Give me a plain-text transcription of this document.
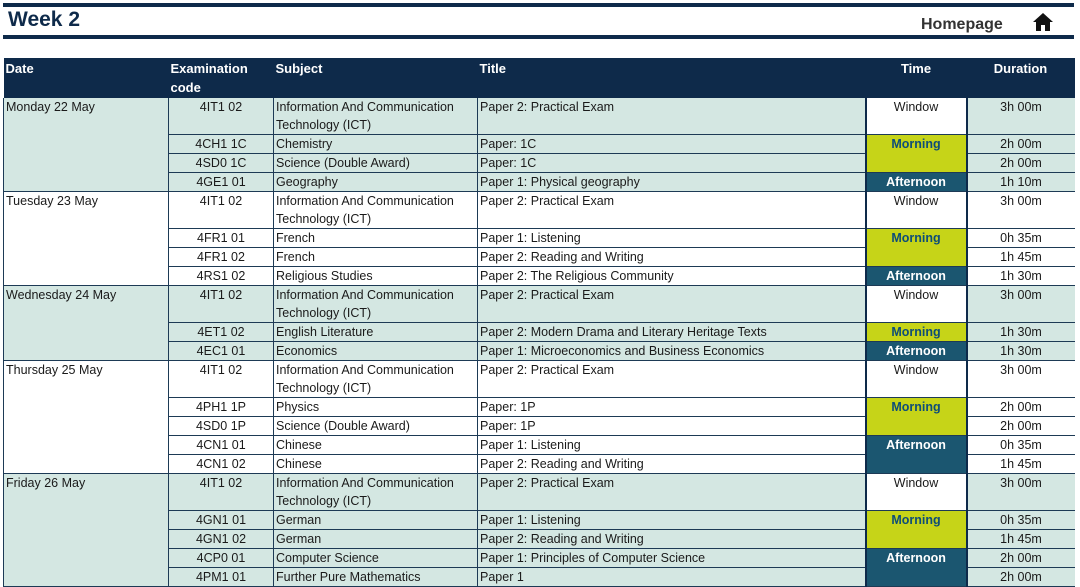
Week 2	Homepage
Date	Examination code	Subject	Title	Time	Duration
Monday 22 May	4IT1 02	Information And Communication Technology (ICT)	Paper 2: Practical Exam	Window	3h 00m
	4CH1 1C	Chemistry	Paper: 1C	Morning	2h 00m
	4SD0 1C	Science (Double Award)	Paper: 1C		2h 00m
	4GE1 01	Geography	Paper 1: Physical geography	Afternoon	1h 10m
Tuesday 23 May	4IT1 02	Information And Communication Technology (ICT)	Paper 2: Practical Exam	Window	3h 00m
	4FR1 01	French	Paper 1: Listening	Morning	0h 35m
	4FR1 02	French	Paper 2: Reading and Writing		1h 45m
	4RS1 02	Religious Studies	Paper 2: The Religious Community	Afternoon	1h 30m
Wednesday 24 May	4IT1 02	Information And Communication Technology (ICT)	Paper 2: Practical Exam	Window	3h 00m
	4ET1 02	English Literature	Paper 2: Modern Drama and Literary Heritage Texts	Morning	1h 30m
	4EC1 01	Economics	Paper 1: Microeconomics and Business Economics	Afternoon	1h 30m
Thursday 25 May	4IT1 02	Information And Communication Technology (ICT)	Paper 2: Practical Exam	Window	3h 00m
	4PH1 1P	Physics	Paper: 1P	Morning	2h 00m
	4SD0 1P	Science (Double Award)	Paper: 1P		2h 00m
	4CN1 01	Chinese	Paper 1: Listening	Afternoon	0h 35m
	4CN1 02	Chinese	Paper 2: Reading and Writing		1h 45m
Friday 26 May	4IT1 02	Information And Communication Technology (ICT)	Paper 2: Practical Exam	Window	3h 00m
	4GN1 01	German	Paper 1: Listening	Morning	0h 35m
	4GN1 02	German	Paper 2: Reading and Writing		1h 45m
	4CP0 01	Computer Science	Paper 1: Principles of Computer Science	Afternoon	2h 00m
	4PM1 01	Further Pure Mathematics	Paper 1		2h 00m
